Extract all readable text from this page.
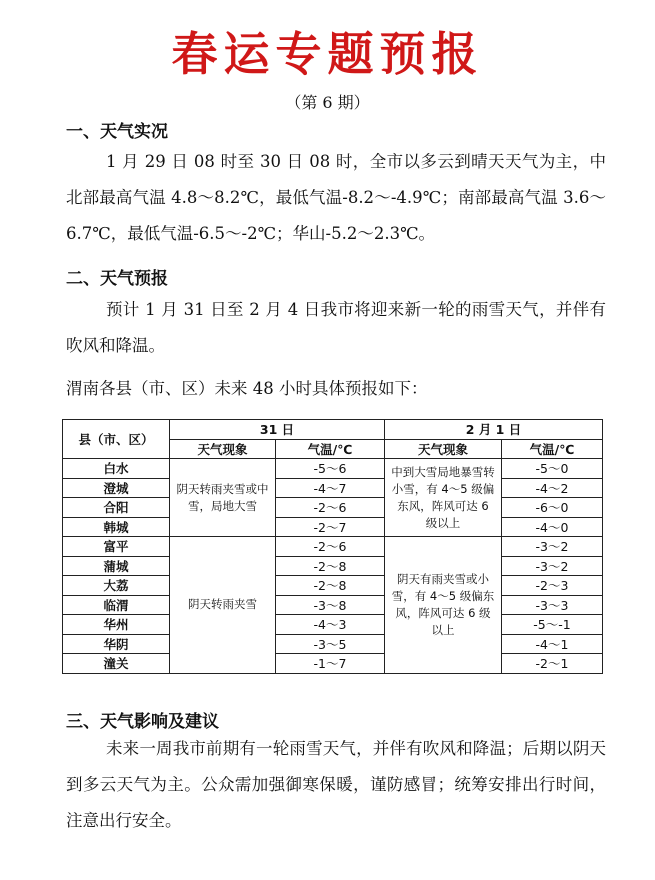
春运专题预报
（第 6 期）
一、天气实况
1 月 29 日 08 时至 30 日 08 时，全市以多云到晴天天气为主，中北部最高气温 4.8～8.2℃，最低气温-8.2～-4.9℃；南部最高气温 3.6～6.7℃，最低气温-6.5～-2℃；华山-5.2～2.3℃。
二、天气预报
预计 1 月 31 日至 2 月 4 日我市将迎来新一轮的雨雪天气，并伴有吹风和降温。
渭南各县（市、区）未来 48 小时具体预报如下：
县（市、区）	31 日		2 月 1 日	
	天气现象	气温/℃	天气现象	气温/℃
白水	阴天转雨夹雪或中雪，局地大雪	-5～6	中到大雪局地暴雪转小雪，有 4～5 级偏东风，阵风可达 6 级以上	-5～0
澄城		-4～7		-4～2
合阳		-2～6		-6～0
韩城		-2～7		-4～0
富平	阴天转雨夹雪	-2～6	阴天有雨夹雪或小雪，有 4～5 级偏东风，阵风可达 6 级以上	-3～2
蒲城		-2～8		-3～2
大荔		-2～8		-2～3
临渭		-3～8		-3～3
华州		-4～3		-5～-1
华阴		-3～5		-4～1
潼关		-1～7		-2～1
三、天气影响及建议
未来一周我市前期有一轮雨雪天气，并伴有吹风和降温；后期以阴天到多云天气为主。公众需加强御寒保暖，谨防感冒；统筹安排出行时间，注意出行安全。
